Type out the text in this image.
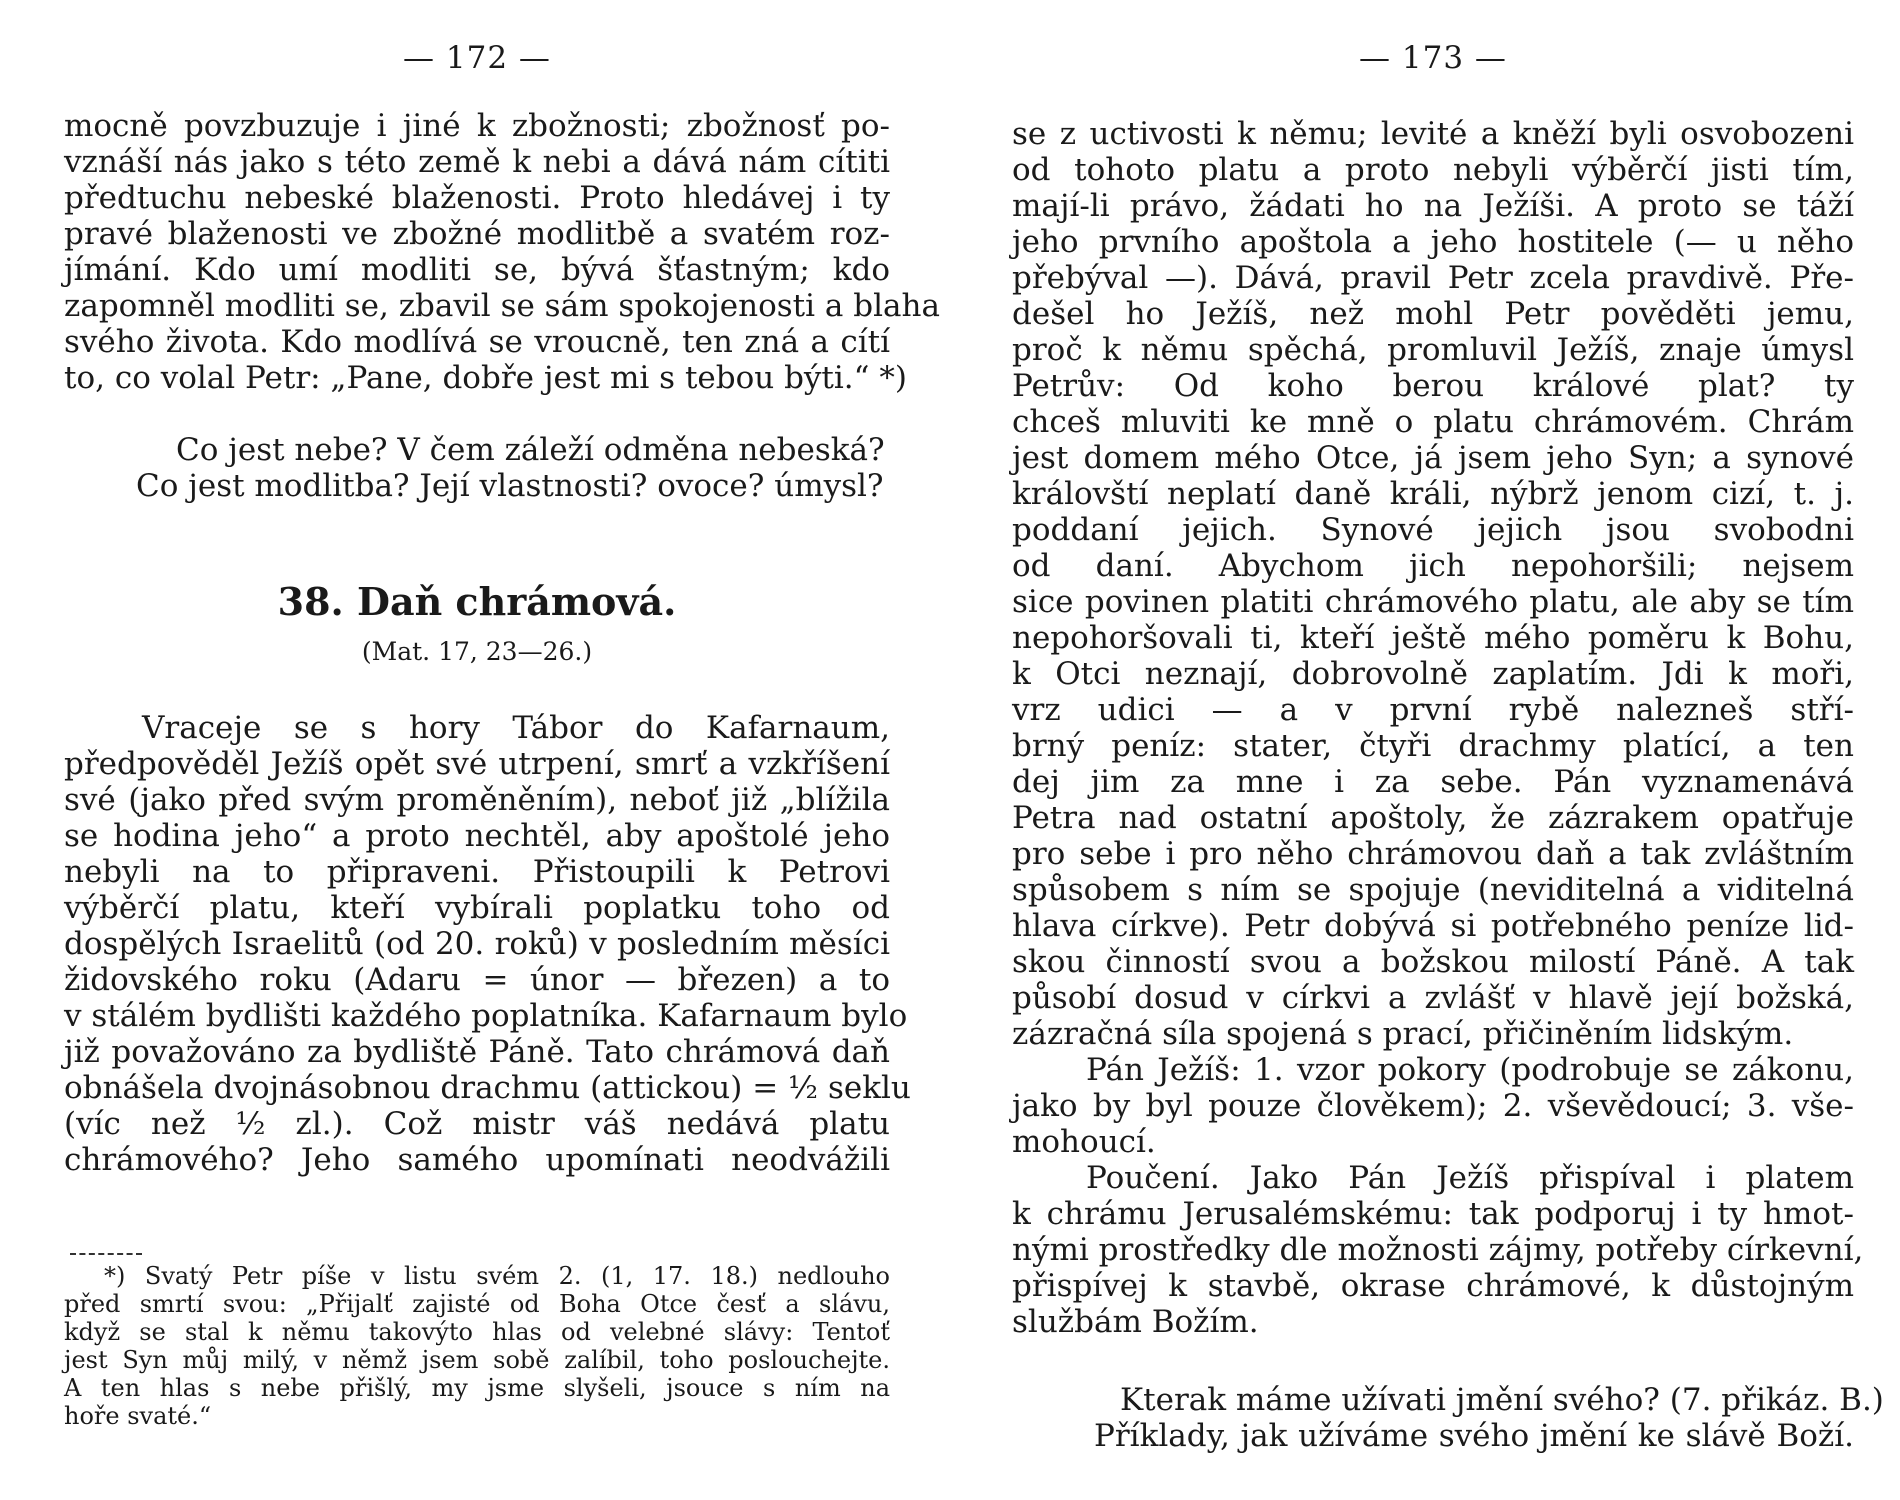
— 172 —
mocně povzbuzuje i jiné k zbožnosti; zbožnosť po-
vznáší nás jako s této země k nebi a dává nám cítiti
předtuchu nebeské blaženosti. Proto hledávej i ty
pravé blaženosti ve zbožné modlitbě a svatém roz-
jímání. Kdo umí modliti se, bývá šťastným; kdo
zapomněl modliti se, zbavil se sám spokojenosti a blaha
svého života. Kdo modlívá se vroucně, ten zná a cítí
to, co volal Petr: „Pane, dobře jest mi s tebou býti.“ *)
Co jest nebe? V čem záleží odměna nebeská?
Co jest modlitba? Její vlastnosti? ovoce? úmysl?
38. Daň chrámová.
(Mat. 17, 23—26.)
Vraceje se s hory Tábor do Kafarnaum,
předpověděl Ježíš opět své utrpení, smrť a vzkříšení
své (jako před svým proměněním), neboť již „blížila
se hodina jeho“ a proto nechtěl, aby apoštolé jeho
nebyli na to připraveni. Přistoupili k Petrovi
výběrčí platu, kteří vybírali poplatku toho od
dospělých Israelitů (od 20. roků) v posledním měsíci
židovského roku (Adaru = únor — březen) a to
v stálém bydlišti každého poplatníka. Kafarnaum bylo
již považováno za bydliště Páně. Tato chrámová daň
obnášela dvojnásobnou drachmu (attickou) = ½ seklu
(víc než ½ zl.). Což mistr váš nedává platu
chrámového? Jeho samého upomínati neodvážili
*) Svatý Petr píše v listu svém 2. (1, 17. 18.) nedlouho
před smrtí svou: „Přijalť zajisté od Boha Otce česť a slávu,
když se stal k němu takovýto hlas od velebné slávy: Tentoť
jest Syn můj milý, v němž jsem sobě zalíbil, toho poslouchejte.
A ten hlas s nebe přišlý, my jsme slyšeli, jsouce s ním na
hoře svaté.“
— 173 —
se z uctivosti k němu; levité a kněží byli osvobozeni
od tohoto platu a proto nebyli výběrčí jisti tím,
mají-li právo, žádati ho na Ježíši. A proto se táží
jeho prvního apoštola a jeho hostitele (— u něho
přebýval —). Dává, pravil Petr zcela pravdivě. Pře-
dešel ho Ježíš, než mohl Petr pověděti jemu,
proč k němu spěchá, promluvil Ježíš, znaje úmysl
Petrův: Od koho berou králové plat? ty
chceš mluviti ke mně o platu chrámovém. Chrám
jest domem mého Otce, já jsem jeho Syn; a synové
královští neplatí daně králi, nýbrž jenom cizí, t. j.
poddaní jejich. Synové jejich jsou svobodni
od daní. Abychom jich nepohoršili; nejsem
sice povinen platiti chrámového platu, ale aby se tím
nepohoršovali ti, kteří ještě mého poměru k Bohu,
k Otci neznají, dobrovolně zaplatím. Jdi k moři,
vrz udici — a v první rybě nalezneš stří-
brný peníz: stater, čtyři drachmy platící, a ten
dej jim za mne i za sebe. Pán vyznamenává
Petra nad ostatní apoštoly, že zázrakem opatřuje
pro sebe i pro něho chrámovou daň a tak zvláštním
spůsobem s ním se spojuje (neviditelná a viditelná
hlava církve). Petr dobývá si potřebného peníze lid-
skou činností svou a božskou milostí Páně. A tak
působí dosud v církvi a zvlášť v hlavě její božská,
zázračná síla spojená s prací, přičiněním lidským.
Pán Ježíš: 1. vzor pokory (podrobuje se zákonu,
jako by byl pouze člověkem); 2. vševědoucí; 3. vše-
mohoucí.
Poučení. Jako Pán Ježíš přispíval i platem
k chrámu Jerusalémskému: tak podporuj i ty hmot-
nými prostředky dle možnosti zájmy, potřeby církevní,
přispívej k stavbě, okrase chrámové, k důstojným
službám Božím.
Kterak máme užívati jmění svého? (7. přikáz. B.)
Příklady, jak užíváme svého jmění ke slávě Boží.
